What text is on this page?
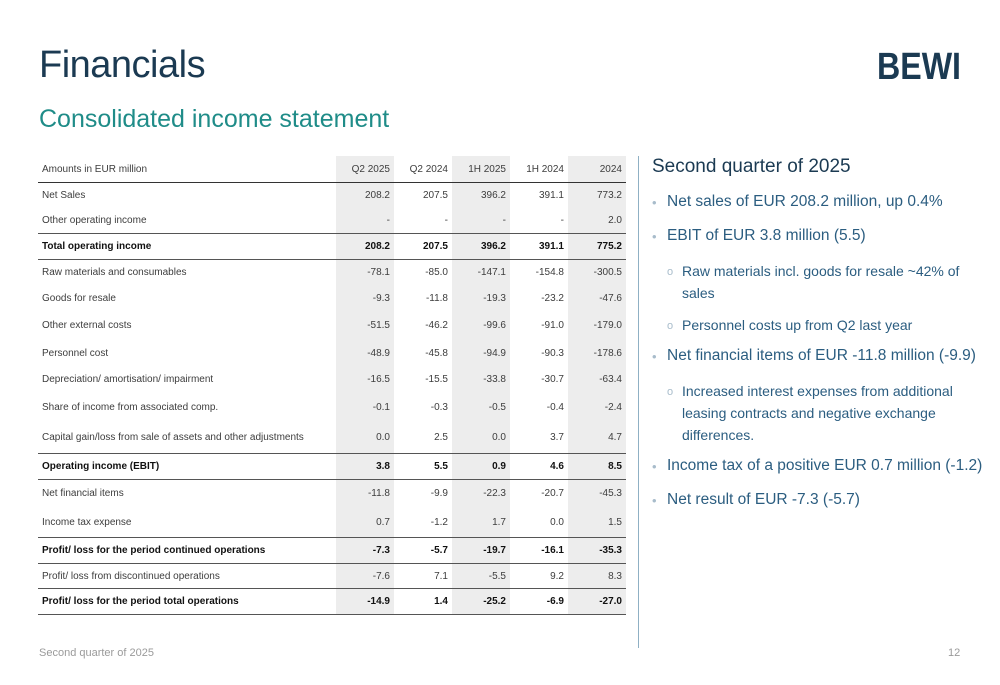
Financials
Consolidated income statement
BEWI
Amounts in EUR million	Q2 2025	Q2 2024	1H 2025	1H 2024	2024
Net Sales	208.2	207.5	396.2	391.1	773.2
Other operating income	-	-	-	-	2.0
Total operating income	208.2	207.5	396.2	391.1	775.2
Raw materials and consumables	-78.1	-85.0	-147.1	-154.8	-300.5
Goods for resale	-9.3	-11.8	-19.3	-23.2	-47.6
Other external costs	-51.5	-46.2	-99.6	-91.0	-179.0
Personnel cost	-48.9	-45.8	-94.9	-90.3	-178.6
Depreciation/ amortisation/ impairment	-16.5	-15.5	-33.8	-30.7	-63.4
Share of income from associated comp.	-0.1	-0.3	-0.5	-0.4	-2.4
Capital gain/loss from sale of assets and other adjustments	0.0	2.5	0.0	3.7	4.7
Operating income (EBIT)	3.8	5.5	0.9	4.6	8.5
Net financial items	-11.8	-9.9	-22.3	-20.7	-45.3
Income tax expense	0.7	-1.2	1.7	0.0	1.5
Profit/ loss for the period continued operations	-7.3	-5.7	-19.7	-16.1	-35.3
Profit/ loss from discontinued operations	-7.6	7.1	-5.5	9.2	8.3
Profit/ loss for the period total operations	-14.9	1.4	-25.2	-6.9	-27.0
Second quarter of 2025
• Net sales of EUR 208.2 million, up 0.4%
• EBIT of EUR 3.8 million (5.5)
o Raw materials incl. goods for resale ~42% of sales
o Personnel costs up from Q2 last year
• Net financial items of EUR -11.8 million (-9.9)
o Increased interest expenses from additional leasing contracts and negative exchange differences.
• Income tax of a positive EUR 0.7 million (-1.2)
• Net result of EUR -7.3 (-5.7)
Second quarter of 2025	12
